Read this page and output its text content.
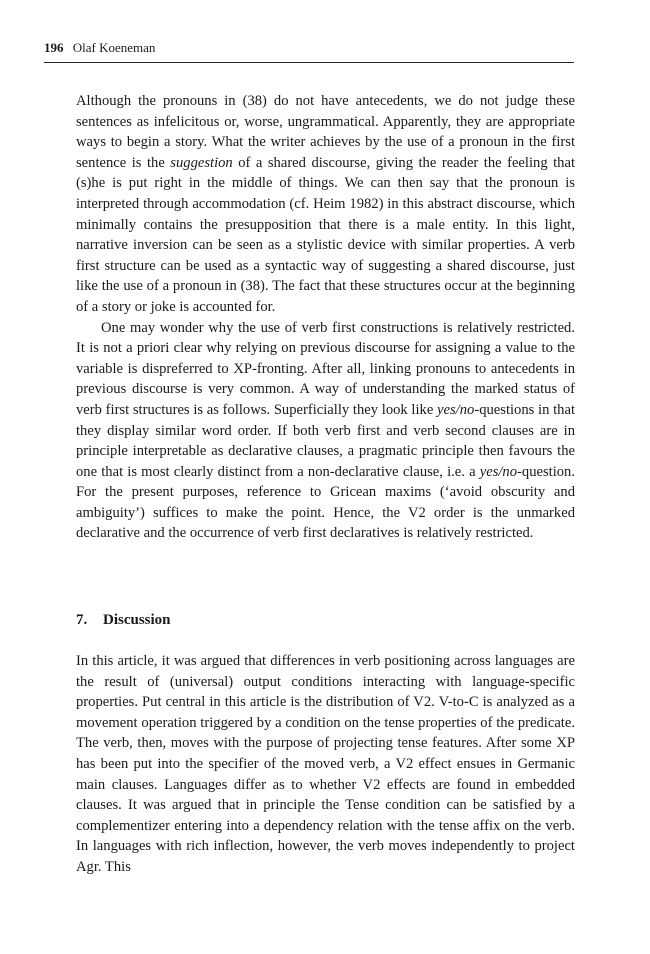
196 Olaf Koeneman

Although the pronouns in (38) do not have antecedents, we do not judge these sentences as infelicitous or, worse, ungrammatical. Apparently, they are appropriate ways to begin a story. What the writer achieves by the use of a pronoun in the first sentence is the suggestion of a shared discourse, giving the reader the feeling that (s)he is put right in the middle of things. We can then say that the pronoun is interpreted through accommodation (cf. Heim 1982) in this abstract discourse, which minimally contains the presupposition that there is a male entity. In this light, narrative inversion can be seen as a stylistic device with similar properties. A verb first structure can be used as a syntactic way of suggesting a shared discourse, just like the use of a pronoun in (38). The fact that these structures occur at the beginning of a story or joke is accounted for.

One may wonder why the use of verb first constructions is relatively restricted. It is not a priori clear why relying on previous discourse for assigning a value to the variable is dispreferred to XP-fronting. After all, linking pronouns to antecedents in previous discourse is very common. A way of understanding the marked status of verb first structures is as follows. Superficially they look like yes/no-questions in that they display similar word order. If both verb first and verb second clauses are in principle interpretable as declarative clauses, a pragmatic principle then favours the one that is most clearly distinct from a non-declarative clause, i.e. a yes/no-question. For the present purposes, reference to Gricean maxims (‘avoid obscurity and ambiguity’) suffices to make the point. Hence, the V2 order is the unmarked declarative and the occurrence of verb first declaratives is relatively restricted.

7. Discussion

In this article, it was argued that differences in verb positioning across languages are the result of (universal) output conditions interacting with language-specific properties. Put central in this article is the distribution of V2. V-to-C is analyzed as a movement operation triggered by a condition on the tense properties of the predicate. The verb, then, moves with the purpose of projecting tense features. After some XP has been put into the specifier of the moved verb, a V2 effect ensues in Germanic main clauses. Languages differ as to whether V2 effects are found in embedded clauses. It was argued that in principle the Tense condition can be satisfied by a complementizer entering into a dependency relation with the tense affix on the verb. In languages with rich inflection, however, the verb moves independently to project Agr. This
